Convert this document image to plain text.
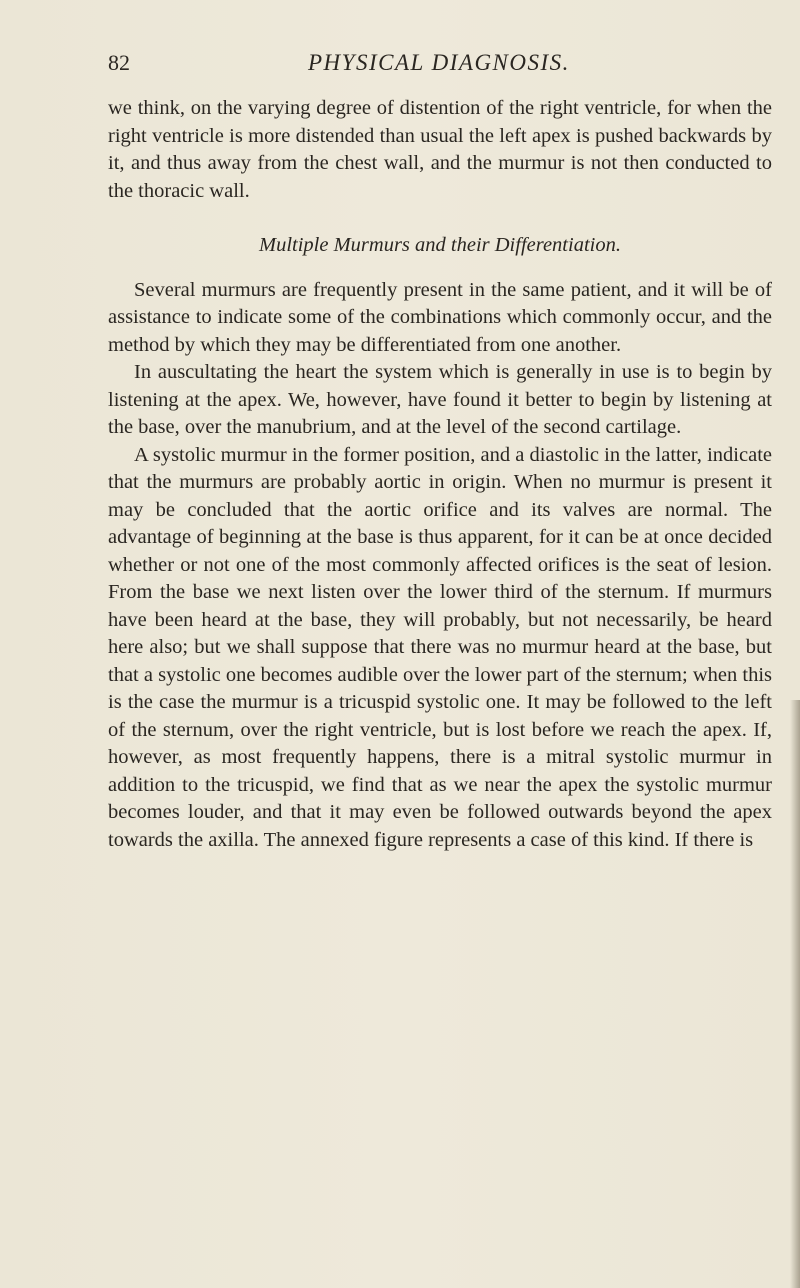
82	PHYSICAL DIAGNOSIS.

we think, on the varying degree of distention of the right ventricle, for when the right ventricle is more distended than usual the left apex is pushed backwards by it, and thus away from the chest wall, and the murmur is not then conducted to the thoracic wall.

Multiple Murmurs and their Differentiation.

Several murmurs are frequently present in the same patient, and it will be of assistance to indicate some of the combinations which commonly occur, and the method by which they may be differentiated from one another.

In auscultating the heart the system which is generally in use is to begin by listening at the apex. We, however, have found it better to begin by listening at the base, over the manubrium, and at the level of the second cartilage.

A systolic murmur in the former position, and a diastolic in the latter, indicate that the murmurs are probably aortic in origin. When no murmur is present it may be concluded that the aortic orifice and its valves are normal. The advantage of beginning at the base is thus apparent, for it can be at once decided whether or not one of the most commonly affected orifices is the seat of lesion. From the base we next listen over the lower third of the sternum. If murmurs have been heard at the base, they will probably, but not necessarily, be heard here also; but we shall suppose that there was no murmur heard at the base, but that a systolic one becomes audible over the lower part of the sternum; when this is the case the murmur is a tricuspid systolic one. It may be followed to the left of the sternum, over the right ventricle, but is lost before we reach the apex. If, however, as most frequently happens, there is a mitral systolic murmur in addition to the tricuspid, we find that as we near the apex the systolic murmur becomes louder, and that it may even be followed outwards beyond the apex towards the axilla. The annexed figure represents a case of this kind. If there is
